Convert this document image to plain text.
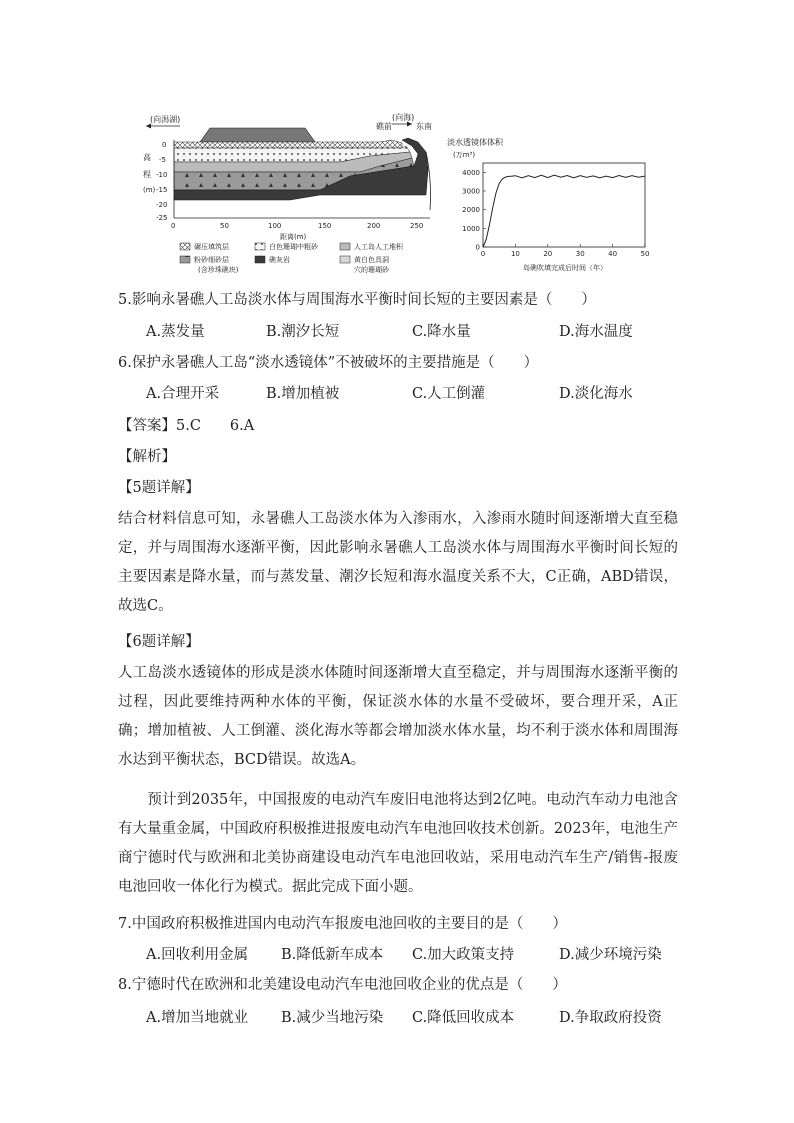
(向潟湖)	(向海)
礁前	东南
高
程
(m)
0
-5
-10
-15
-20
-25
0	50	100	150	200	250
距离(m)
碾压填筑层	白色珊瑚中粗砂	人工岛人工堆积
粉砂细砂层
(含珍珠礁块)
礁灰岩	黄白色具洞
穴的珊瑚砂
淡水透镜体体积
(万m³)
4000
3000
2000
1000
0
0	10	20	30	40	50
岛礁吹填完成后时间（年）
5.影响永暑礁人工岛淡水体与周围海水平衡时间长短的主要因素是（　　）
A.蒸发量	B.潮汐长短	C.降水量	D.海水温度
6.保护永暑礁人工岛“淡水透镜体”不被破坏的主要措施是（　　）
A.合理开采	B.增加植被	C.人工倒灌	D.淡化海水
【答案】5.C　　6.A
【解析】
【5题详解】
结合材料信息可知，永暑礁人工岛淡水体为入渗雨水，入渗雨水随时间逐渐增大直至稳定，并与周围海水逐渐平衡，因此影响永暑礁人工岛淡水体与周围海水平衡时间长短的主要因素是降水量，而与蒸发量、潮汐长短和海水温度关系不大，C正确，ABD错误，故选C。
【6题详解】
人工岛淡水透镜体的形成是淡水体随时间逐渐增大直至稳定，并与周围海水逐渐平衡的过程，因此要维持两种水体的平衡，保证淡水体的水量不受破坏，要合理开采，A正确；增加植被、人工倒灌、淡化海水等都会增加淡水体水量，均不利于淡水体和周围海水达到平衡状态，BCD错误。故选A。
　　预计到2035年，中国报废的电动汽车废旧电池将达到2亿吨。电动汽车动力电池含有大量重金属，中国政府积极推进报废电动汽车电池回收技术创新。2023年，电池生产商宁德时代与欧洲和北美协商建设电动汽车电池回收站，采用电动汽车生产/销售-报废电池回收一体化行为模式。据此完成下面小题。
7.中国政府积极推进国内电动汽车报废电池回收的主要目的是（　　）
A.回收利用金属 B.降低新车成本 C.加大政策支持	D.减少环境污染
8.宁德时代在欧洲和北美建设电动汽车电池回收企业的优点是（　　）
A.增加当地就业 B.减少当地污染 C.降低回收成本	D.争取政府投资
